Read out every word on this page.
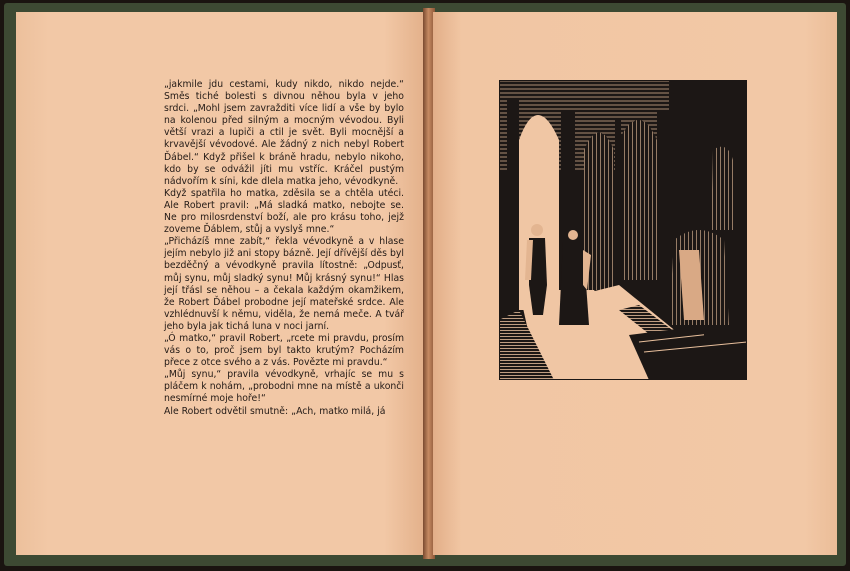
„jakmile jdu cestami, kudy nikdo, nikdo nejde.“ Směs tiché bolesti s divnou něhou byla v jeho srdci. „Mohl jsem zavražditi více lidí a vše by bylo na kolenou před silným a mocným vévodou. Byli větší vrazi a lupiči a ctil je svět. Byli mocnější a krvavější vévodové. Ale žádný z nich nebyl Robert Ďábel.“ Když přišel k bráně hradu, nebylo nikoho, kdo by se odvážil jíti mu vstříc. Kráčel pustým nádvořím k síni, kde dlela matka jeho, vévodkyně.

Když spatřila ho matka, zděsila se a chtěla utéci. Ale Robert pravil: „Má sladká matko, nebojte se. Ne pro milosrdenství boží, ale pro krásu toho, jejž zoveme Ďáblem, stůj a vyslyš mne.“

„Přicházíš mne zabít,“ řekla vévodkyně a v hlase jejím nebylo již ani stopy bázně. Její dřívější děs byl bezděčný a vévodkyně pravila lítostně: „Odpusť, můj synu, můj sladký synu! Můj krásný synu!“ Hlas její třásl se něhou – a čekala každým okamžikem, že Robert Ďábel probodne její mateřské srdce. Ale vzhlédnuvší k němu, viděla, že nemá meče. A tvář jeho byla jak tichá luna v noci jarní.

„Ó matko,“ pravil Robert, „rcete mi pravdu, prosím vás o to, proč jsem byl takto krutým? Pocházím přece z otce svého a z vás. Povězte mi pravdu.“

„Můj synu,“ pravila vévodkyně, vrhajíc se mu s pláčem k nohám, „probodni mne na místě a ukonči nesmírné moje hoře!“

Ale Robert odvětil smutně: „Ach, matko milá, já
